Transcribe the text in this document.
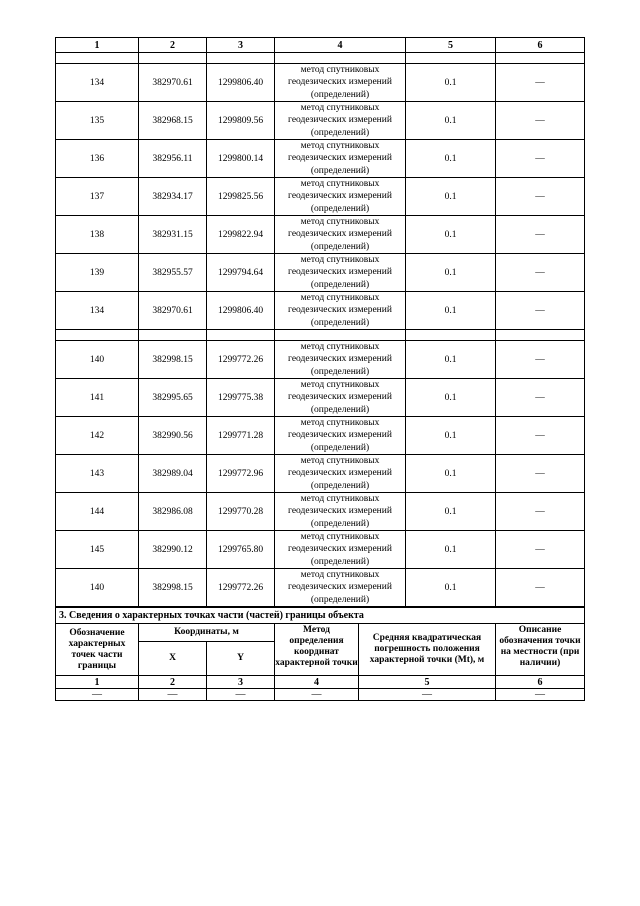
1	2	3	4	5	6

134	382970.61	1299806.40	метод спутниковых
геодезических измерений
(определений)	0.1	—
135	382968.15	1299809.56	метод спутниковых
геодезических измерений
(определений)	0.1	—
136	382956.11	1299800.14	метод спутниковых
геодезических измерений
(определений)	0.1	—
137	382934.17	1299825.56	метод спутниковых
геодезических измерений
(определений)	0.1	—
138	382931.15	1299822.94	метод спутниковых
геодезических измерений
(определений)	0.1	—
139	382955.57	1299794.64	метод спутниковых
геодезических измерений
(определений)	0.1	—
134	382970.61	1299806.40	метод спутниковых
геодезических измерений
(определений)	0.1	—

140	382998.15	1299772.26	метод спутниковых
геодезических измерений
(определений)	0.1	—
141	382995.65	1299775.38	метод спутниковых
геодезических измерений
(определений)	0.1	—
142	382990.56	1299771.28	метод спутниковых
геодезических измерений
(определений)	0.1	—
143	382989.04	1299772.96	метод спутниковых
геодезических измерений
(определений)	0.1	—
144	382986.08	1299770.28	метод спутниковых
геодезических измерений
(определений)	0.1	—
145	382990.12	1299765.80	метод спутниковых
геодезических измерений
(определений)	0.1	—
140	382998.15	1299772.26	метод спутниковых
геодезических измерений
(определений)	0.1	—
3. Сведения о характерных точках части (частей) границы объекта					
Обозначение характерных точек части границы	Координаты, м		Метод определения координат характерной точки	Средняя квадратическая погрешность положения характерной точки (Mt), м	Описание обозначения точки на местности (при наличии)

	X	Y			
1	2	3	4	5	6
—	—	—	—	—	—
